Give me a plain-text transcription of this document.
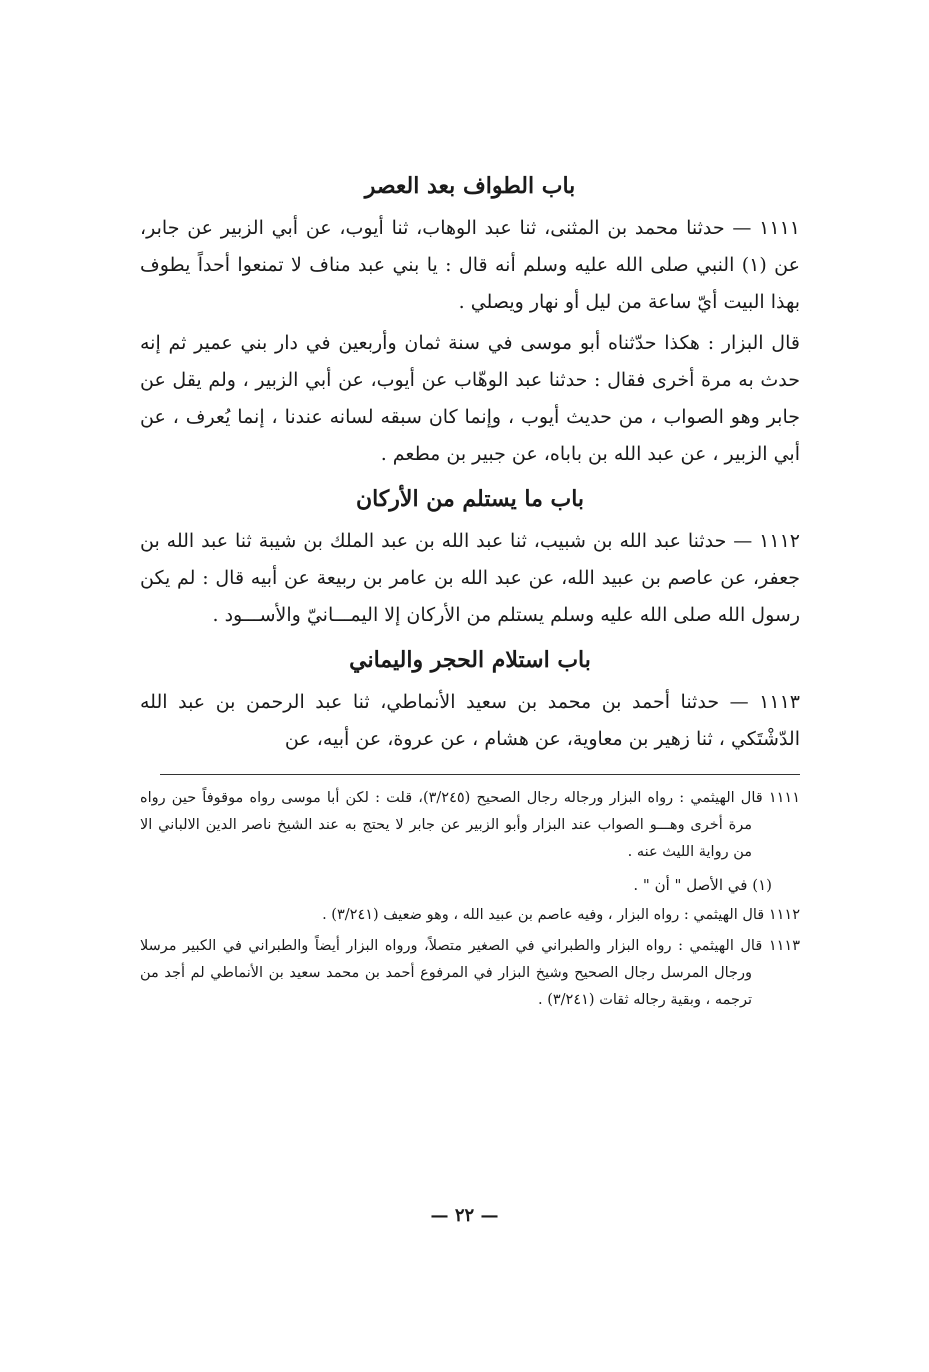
باب الطواف بعد العصر

١١١١ — حدثنا محمد بن المثنى، ثنا عبد الوهاب، ثنا أيوب، عن أبي الزبير عن جابر، عن (١) النبي صلى الله عليه وسلم أنه قال : يا بني عبد مناف لا تمنعوا أحداً يطوف بهذا البيت أيّ ساعة من ليل أو نهار ويصلي .

قال البزار : هكذا حدّثناه أبو موسى في سنة ثمان وأربعين في دار بني عمير ثم إنه حدث به مرة أخرى فقال : حدثنا عبد الوهّاب عن أيوب، عن أبي الزبير ، ولم يقل عن جابر وهو الصواب ، من حديث أيوب ، وإنما كان سبقه لسانه عندنا ، إنما يُعرف ، عن أبي الزبير ، عن عبد الله بن باباه، عن جبير بن مطعم .

باب ما يستلم من الأركان

١١١٢ — حدثنا عبد الله بن شبيب، ثنا عبد الله بن عبد الملك بن شيبة ثنا عبد الله بن جعفر، عن عاصم بن عبيد الله، عن عبد الله بن عامر بن ربيعة عن أبيه قال : لم يكن رسول الله صلى الله عليه وسلم يستلم من الأركان إلا اليمـــانيّ والأســـود .

باب استلام الحجر واليماني

١١١٣ — حدثنا أحمد بن محمد بن سعيد الأنماطي، ثنا عبد الرحمن بن عبد الله الدّشْتَكي ، ثنا زهير بن معاوية، عن هشام ، عن عروة، عن أبيه، عن

١١١١ قال الهيثمي : رواه البزار ورجاله رجال الصحيح (٣/٢٤٥)، قلت : لكن أبا موسى رواه موقوفاً حين رواه مرة أخرى وهـــو الصواب عند البزار وأبو الزبير عن جابر لا يحتج به عند الشيخ ناصر الدين الالباني الا من رواية الليث عنه .

(١) في الأصل " أن " .

١١١٢ قال الهيثمي : رواه البزار ، وفيه عاصم بن عبيد الله ، وهو ضعيف (٣/٢٤١) .

١١١٣ قال الهيثمي : رواه البزار والطبراني في الصغير متصلاً، ورواه البزار أيضاً والطبراني في الكبير مرسلا ورجال المرسل رجال الصحيح وشيخ البزار في المرفوع أحمد بن محمد سعيد بن الأنماطي لم أجد من ترجمه ، وبقية رجاله ثقات (٣/٢٤١) .

— ٢٢ —
